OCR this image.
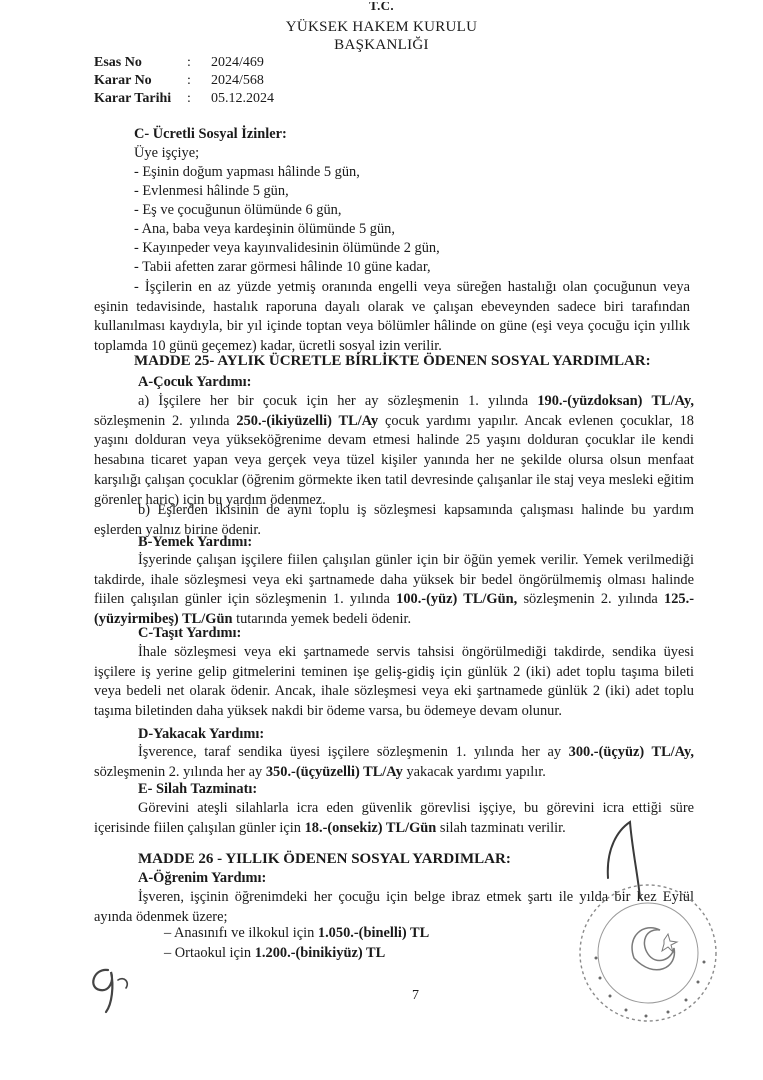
T.C.
YÜKSEK HAKEM KURULU
BAŞKANLIĞI
Esas No	: 2024/469
Karar No	: 2024/568
Karar Tarihi : 05.12.2024
C- Ücretli Sosyal İzinler:
Üye işçiye;
- Eşinin doğum yapması hâlinde 5 gün,
- Evlenmesi hâlinde 5 gün,
- Eş ve çocuğunun ölümünde 6 gün,
- Ana, baba veya kardeşinin ölümünde 5 gün,
- Kayınpeder veya kayınvalidesinin ölümünde 2 gün,
- Tabii afetten zarar görmesi hâlinde 10 güne kadar,
- İşçilerin en az yüzde yetmiş oranında engelli veya süreğen hastalığı olan çocuğunun veya eşinin tedavisinde, hastalık raporuna dayalı olarak ve çalışan ebeveynden sadece biri tarafından kullanılması kaydıyla, bir yıl içinde toptan veya bölümler hâlinde on güne (eşi veya çocuğu için yıllık toplamda 10 günü geçemez) kadar, ücretli sosyal izin verilir.
MADDE 25- AYLIK ÜCRETLE BİRLİKTE ÖDENEN SOSYAL YARDIMLAR:
A-Çocuk Yardımı:
a) İşçilere her bir çocuk için her ay sözleşmenin 1. yılında 190.-(yüzdoksan) TL/Ay, sözleşmenin 2. yılında 250.-(ikiyüzelli) TL/Ay çocuk yardımı yapılır. Ancak evlenen çocuklar, 18 yaşını dolduran veya yükseköğrenime devam etmesi halinde 25 yaşını dolduran çocuklar ile kendi hesabına ticaret yapan veya gerçek veya tüzel kişiler yanında her ne şekilde olursa olsun menfaat karşılığı çalışan çocuklar (öğrenim görmekte iken tatil devresinde çalışanlar ile staj veya mesleki eğitim görenler hariç) için bu yardım ödenmez.
b) Eşlerden ikisinin de aynı toplu iş sözleşmesi kapsamında çalışması halinde bu yardım eşlerden yalnız birine ödenir.
B-Yemek Yardımı:
İşyerinde çalışan işçilere fiilen çalışılan günler için bir öğün yemek verilir. Yemek verilmediği takdirde, ihale sözleşmesi veya eki şartnamede daha yüksek bir bedel öngörülmemiş olması halinde fiilen çalışılan günler için sözleşmenin 1. yılında 100.-(yüz) TL/Gün, sözleşmenin 2. yılında 125.-(yüzyirmibeş) TL/Gün tutarında yemek bedeli ödenir.
C-Taşıt Yardımı:
İhale sözleşmesi veya eki şartnamede servis tahsisi öngörülmediği takdirde, sendika üyesi işçilere iş yerine gelip gitmelerini teminen işe geliş-gidiş için günlük 2 (iki) adet toplu taşıma bileti veya bedeli net olarak ödenir. Ancak, ihale sözleşmesi veya eki şartnamede günlük 2 (iki) adet toplu taşıma biletinden daha yüksek nakdi bir ödeme varsa, bu ödemeye devam olunur.
D-Yakacak Yardımı:
İşverence, taraf sendika üyesi işçilere sözleşmenin 1. yılında her ay 300.-(üçyüz) TL/Ay, sözleşmenin 2. yılında her ay 350.-(üçyüzelli) TL/Ay yakacak yardımı yapılır.
E- Silah Tazminatı:
Görevini ateşli silahlarla icra eden güvenlik görevlisi işçiye, bu görevini icra ettiği süre içerisinde fiilen çalışılan günler için 18.-(onsekiz) TL/Gün silah tazminatı verilir.
MADDE 26 - YILLIK ÖDENEN SOSYAL YARDIMLAR:
A-Öğrenim Yardımı:
İşveren, işçinin öğrenimdeki her çocuğu için belge ibraz etmek şartı ile yılda bir kez Eylül ayında ödenmek üzere;
– Anasınıfı ve ilkokul için 1.050.-(binelli) TL
– Ortaokul için 1.200.-(binikiyüz) TL
7
